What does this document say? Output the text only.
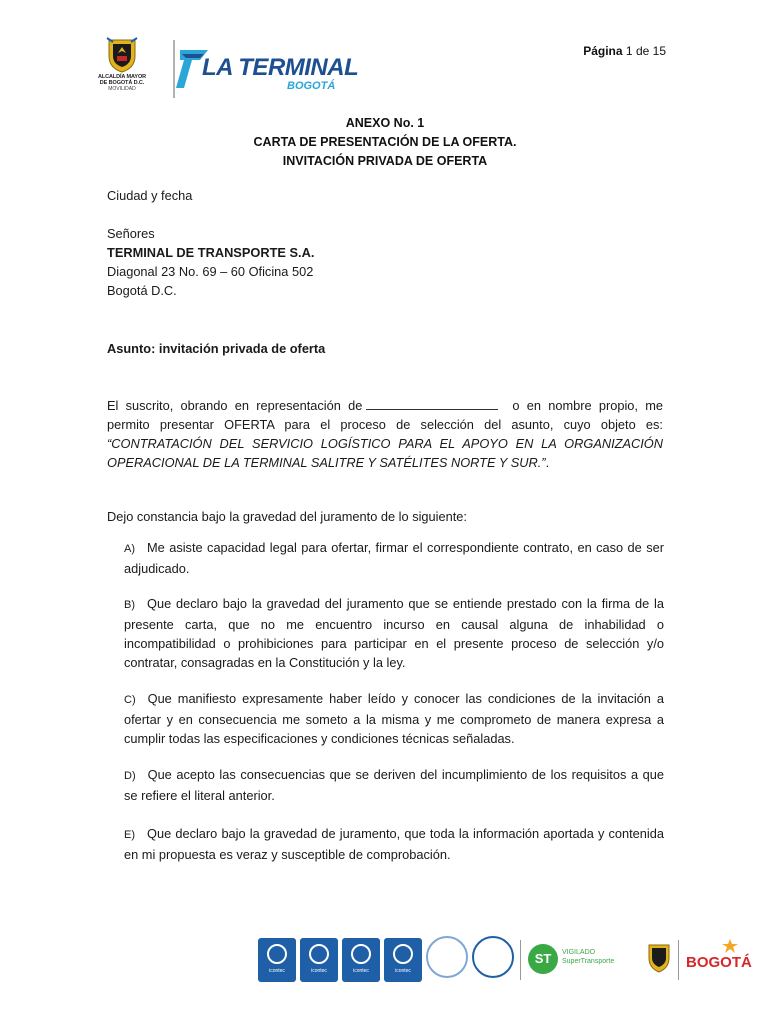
Página 1 de 15
ALCALDÍA MAYOR
DE BOGOTÁ D.C.
MOVILIDAD
LA TERMINAL
BOGOTÁ
ANEXO No. 1
CARTA DE PRESENTACIÓN DE LA OFERTA.
INVITACIÓN PRIVADA DE OFERTA
Ciudad y fecha
Señores
TERMINAL DE TRANSPORTE S.A.
Diagonal 23 No. 69 – 60 Oficina 502
Bogotá D.C.
Asunto: invitación privada de oferta
El suscrito, obrando en representación de	o en nombre propio, me permito presentar OFERTA para el proceso de selección del asunto, cuyo objeto es: “CONTRATACIÓN DEL SERVICIO LOGÍSTICO PARA EL APOYO EN LA ORGANIZACIÓN OPERACIONAL DE LA TERMINAL SALITRE Y SATÉLITES NORTE Y SUR.”.
Dejo constancia bajo la gravedad del juramento de lo siguiente:
A) Me asiste capacidad legal para ofertar, firmar el correspondiente contrato, en caso de ser adjudicado.
B) Que declaro bajo la gravedad del juramento que se entiende prestado con la firma de la presente carta, que no me encuentro incurso en causal alguna de inhabilidad o incompatibilidad o prohibiciones para participar en el presente proceso de selección y/o contratar, consagradas en la Constitución y la ley.
C) Que manifiesto expresamente haber leído y conocer las condiciones de la invitación a ofertar y en consecuencia me someto a la misma y me comprometo de manera expresa a cumplir todas las especificaciones y condiciones técnicas señaladas.
D) Que acepto las consecuencias que se deriven del incumplimiento de los requisitos a que se refiere el literal anterior.
E) Que declaro bajo la gravedad de juramento, que toda la información aportada y contenida en mi propuesta es veraz y susceptible de comprobación.
icontec	icontec	icontec	icontec
ST	VIGILADO
SuperTransporte	BOGOTÁ
